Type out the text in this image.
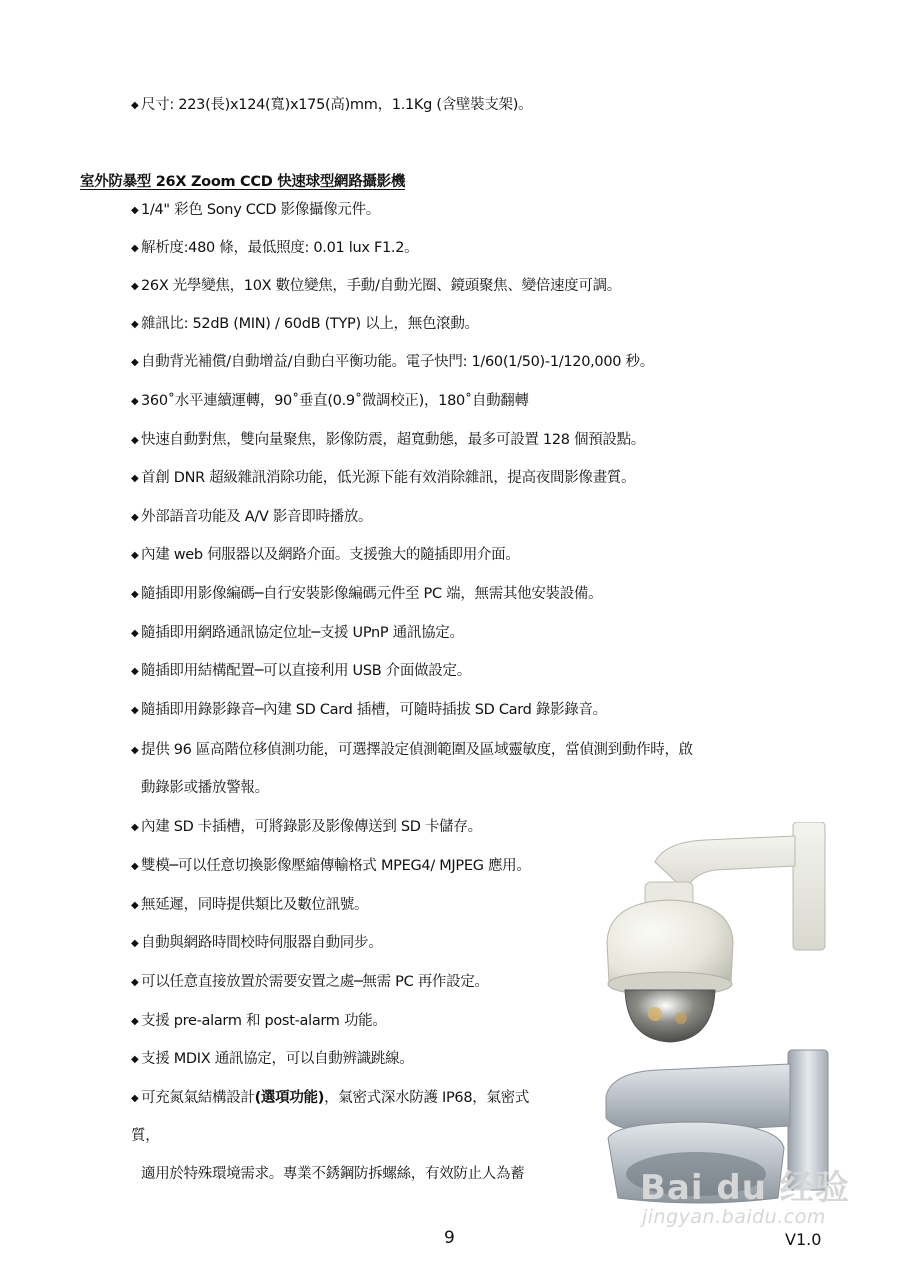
◆ 尺寸: 223(長)x124(寬)x175(高)mm，1.1Kg (含壁裝支架)。
室外防暴型 26X Zoom CCD 快速球型網路攝影機
◆ 1/4" 彩色 Sony CCD 影像攝像元件。
◆ 解析度:480 條，最低照度: 0.01 lux F1.2。
◆ 26X 光學變焦，10X 數位變焦，手動/自動光圈、鏡頭聚焦、變倍速度可調。
◆ 雜訊比: 52dB (MIN) / 60dB (TYP) 以上，無色滾動。
◆ 自動背光補償/自動增益/自動白平衡功能。電子快門: 1/60(1/50)-1/120,000 秒。
◆ 360˚水平連續運轉，90˚垂直(0.9˚微調校正)，180˚自動翻轉
◆ 快速自動對焦，雙向量聚焦，影像防震，超寬動態，最多可設置 128 個預設點。
◆ 首創 DNR 超級雜訊消除功能，低光源下能有效消除雜訊，提高夜間影像畫質。
◆ 外部語音功能及 A/V 影音即時播放。
◆ 內建 web 伺服器以及網路介面。支援強大的隨插即用介面。
◆ 隨插即用影像編碼─自行安裝影像編碼元件至 PC 端，無需其他安裝設備。
◆ 隨插即用網路通訊協定位址─支援 UPnP 通訊協定。
◆ 隨插即用結構配置─可以直接利用 USB 介面做設定。
◆ 隨插即用錄影錄音─內建 SD Card 插槽，可隨時插拔 SD Card 錄影錄音。
◆ 提供 96 區高階位移偵測功能，可選擇設定偵測範圍及區域靈敏度，當偵測到動作時，啟
◆ 內建 SD 卡插槽，可將錄影及影像傳送到 SD 卡儲存。
◆ 雙模─可以任意切換影像壓縮傳輸格式 MPEG4/ MJPEG 應用。
◆ 無延遲，同時提供類比及數位訊號。
◆ 自動與網路時間校時伺服器自動同步。
◆ 可以任意直接放置於需要安置之處─無需 PC 再作設定。
◆ 支援 pre-alarm 和 post-alarm 功能。
◆ 支援 MDIX 通訊協定，可以自動辨識跳線。
動錄影或播放警報。
◆ 可充氮氣結構設計(選項功能)，氣密式深水防護 IP68，氣密式
質，
適用於特殊環境需求。專業不銹鋼防拆螺絲，有效防止人為蓄	Bai du 经验
jingyan.baidu.com
9	V1.0
